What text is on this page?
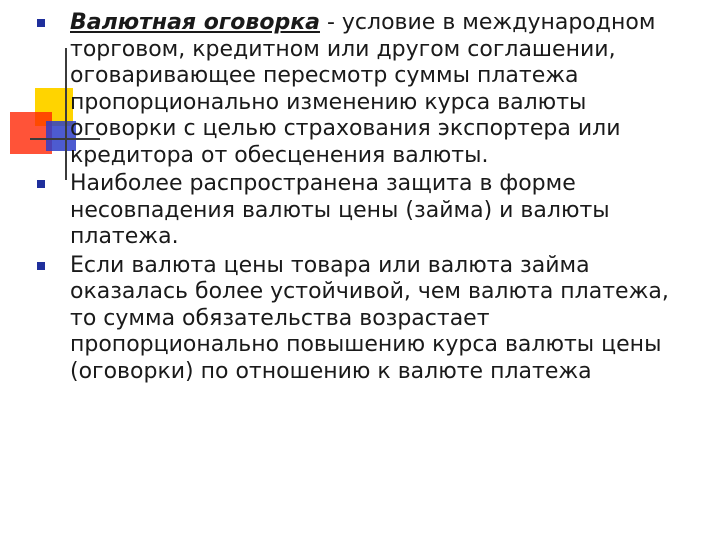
Валютная оговорка - условие в международном торговом, кредитном или другом соглашении, оговаривающее пересмотр суммы платежа пропорционально изменению курса валюты оговорки с целью страхования экспортера или кредитора от обесценения валюты.
Наиболее распространена защита в форме несовпадения валюты цены (займа) и валюты платежа.
Если валюта цены товара или валюта займа оказалась более устойчивой, чем валюта платежа, то сумма обязательства возрастает пропорционально повышению курса валюты цены (оговорки) по отношению к валюте платежа
